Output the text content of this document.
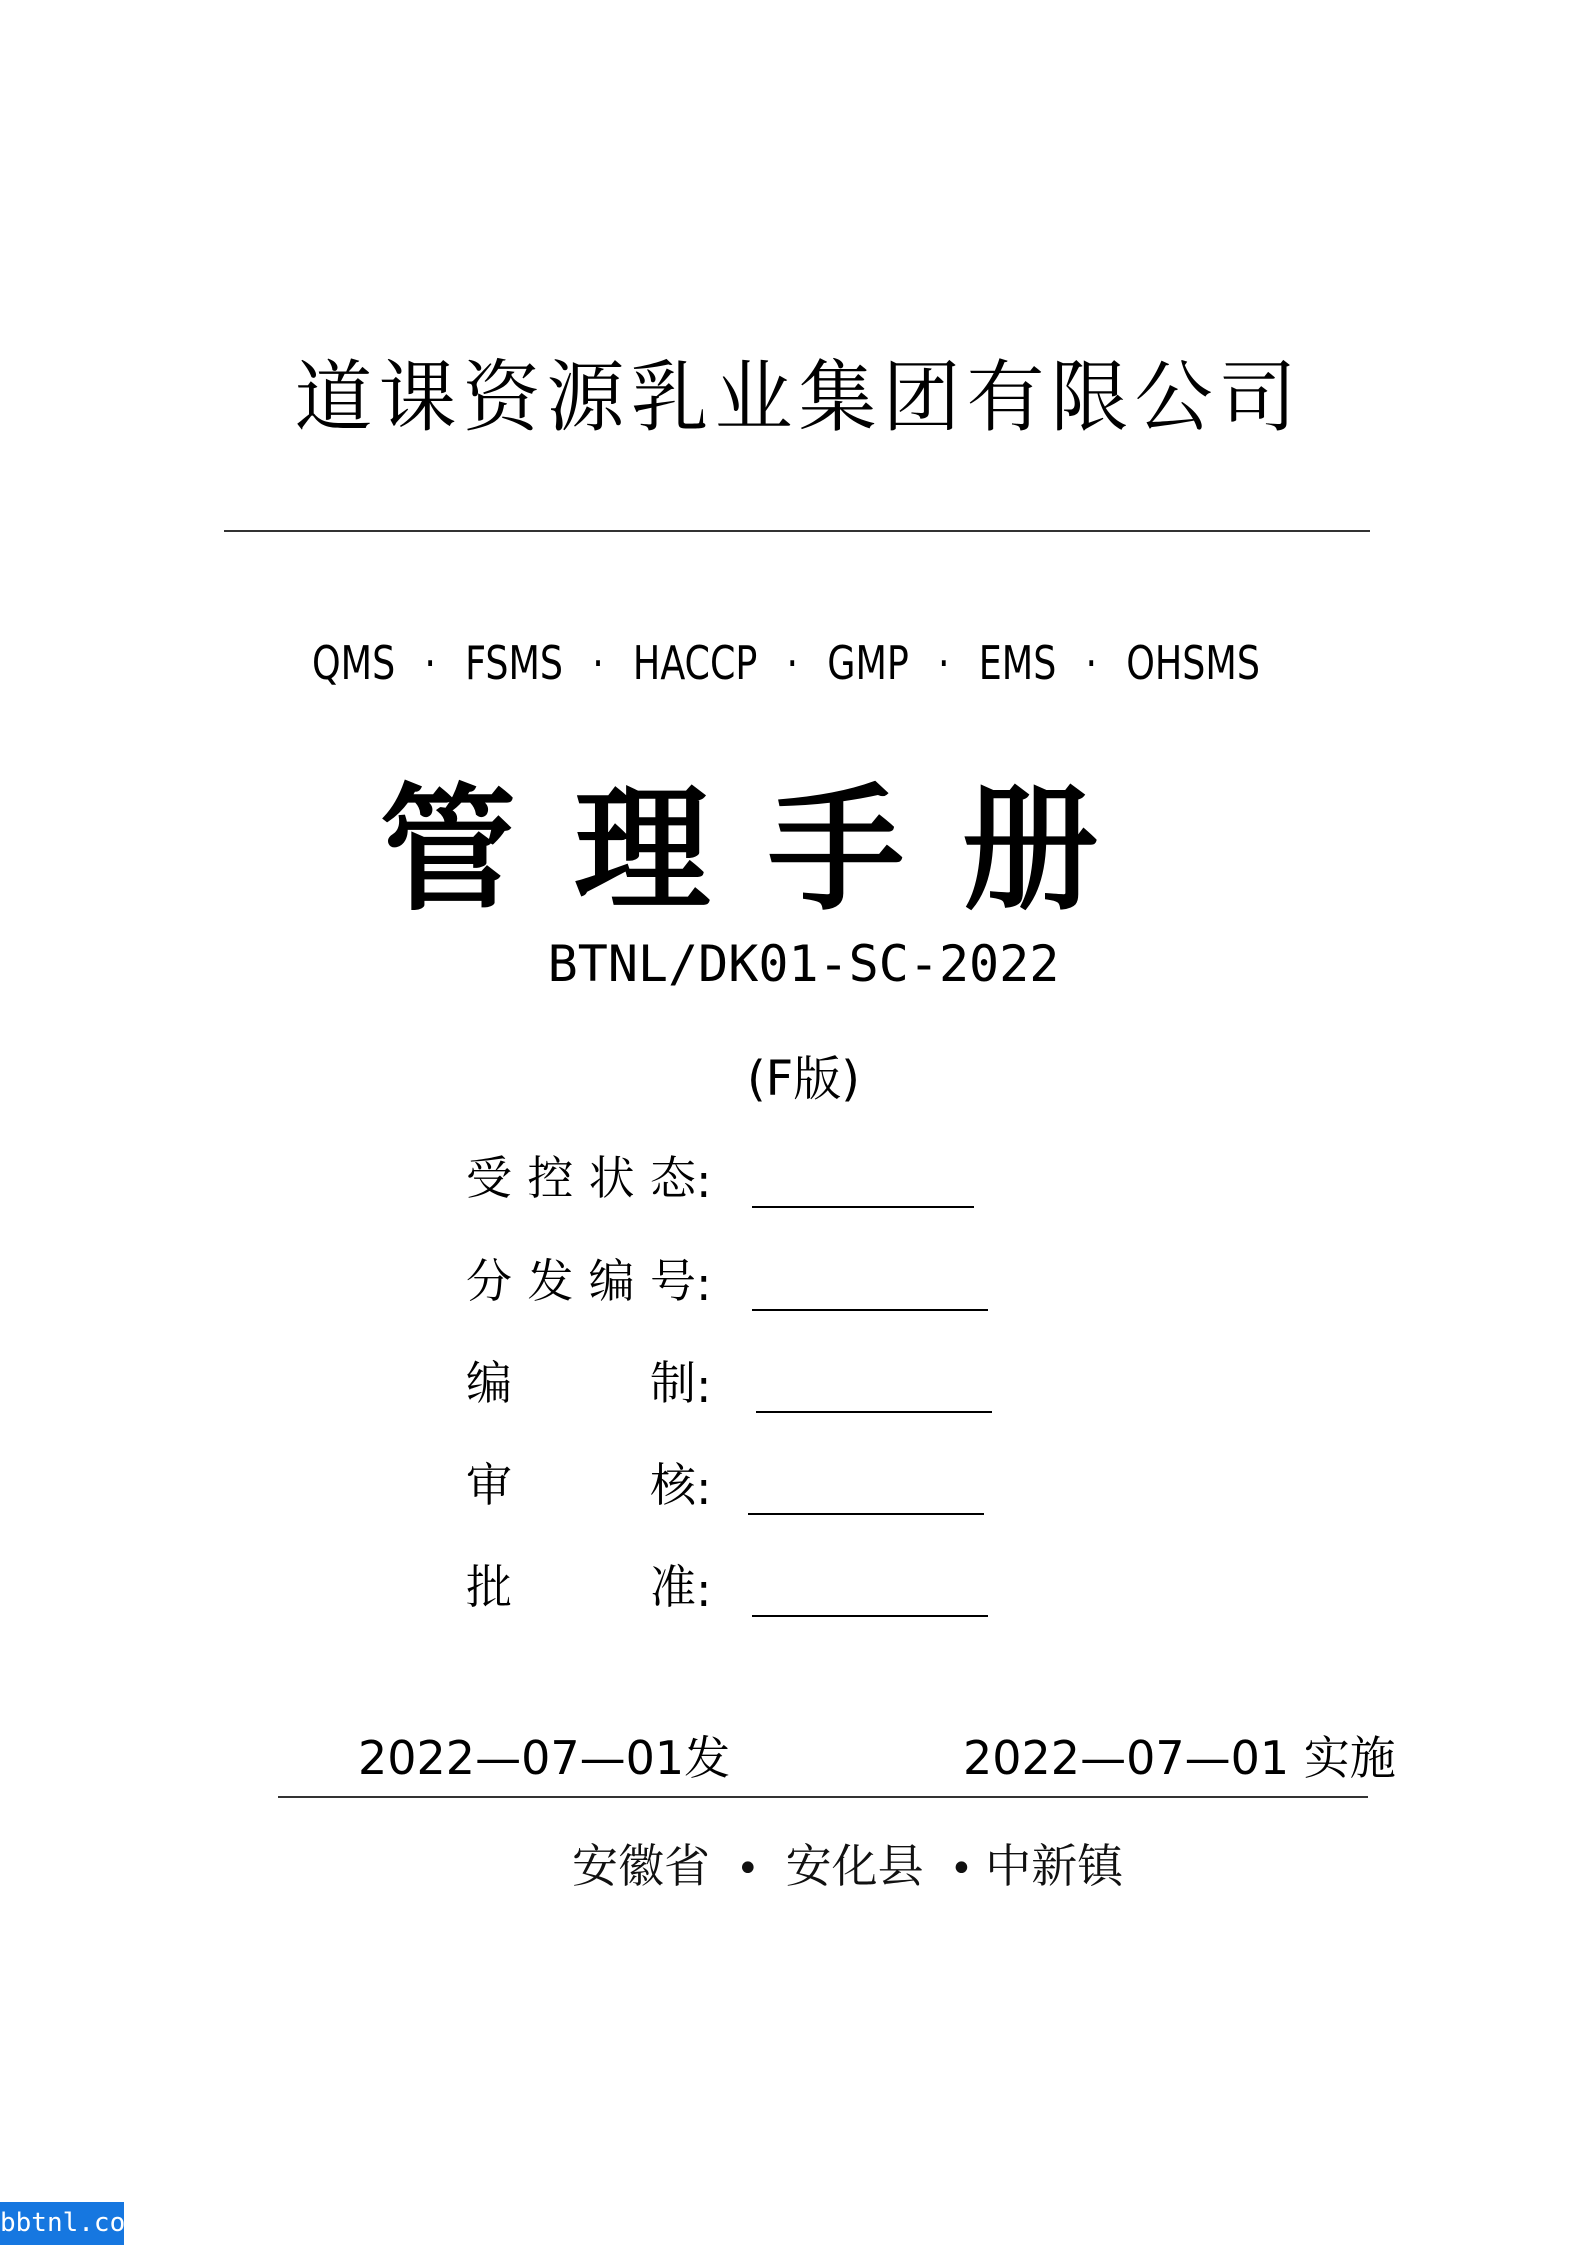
道课资源乳业集团有限公司
QMS · FSMS · HACCP · GMP · EMS · OHSMS
管理手册
BTNL/DK01-SC-2022
(F版)
受控状态:
分发编号:
编制:
审核:
批准:
2022—07—01发	2022—07—01 实施
安徽省 • 安化县 • 中新镇
bbtnl.com
